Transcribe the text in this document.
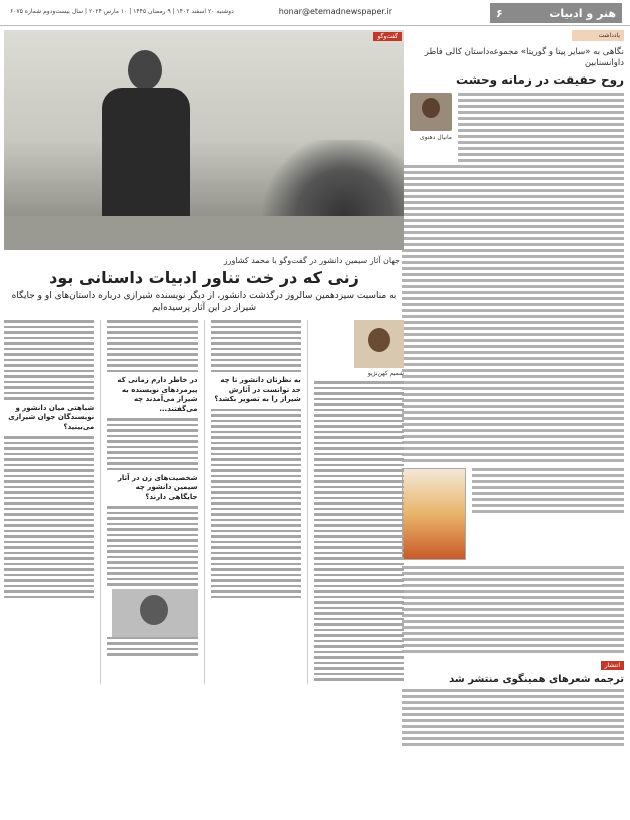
هنر و ادبیات
۶
honar@etemadnewspaper.ir
دوشنبه ۲۰ اسفند ۱۴۰۲ | ۹ رمضان ۱۴۴۵ | ۱۰ مارس ۲۰۲۴ | سال بیست‌ودوم شماره ۶۰۷۵
یادداشت
نگاهی به «سایر پیتا و گوریتا» مجموعه‌داستان کالی فاطر داوانسنابین
روح حقیقت در زمانه وحشت
مانیال دهنوی
انتشار
ترجمه شعرهای همینگوی منتشر شد
گفت‌وگو
جهان آثار سیمین دانشور در گفت‌وگو با محمد کشاورز
زنی که در خت تناور ادبیات داستانی بود
به مناسبت سیزدهمین سالروز درگذشت دانشور، از دیگر نویسنده شیرازی درباره داستان‌های او و جایگاه شیراز در این آثار پرسیده‌ایم
شمیم کهن‌نژیو
به نظرتان دانشور تا چه حد توانست در آثارش شیراز را به تصویر بکشد؟
در خاطر دارم زمانی که پیرمردهای نویسنده به شیراز می‌آمدند چه می‌گفتند...
شخصیت‌های زن در آثار سیمین دانشور چه جایگاهی دارند؟
شباهتی میان دانشور و نویسندگان جوان شیرازی می‌بینید؟
